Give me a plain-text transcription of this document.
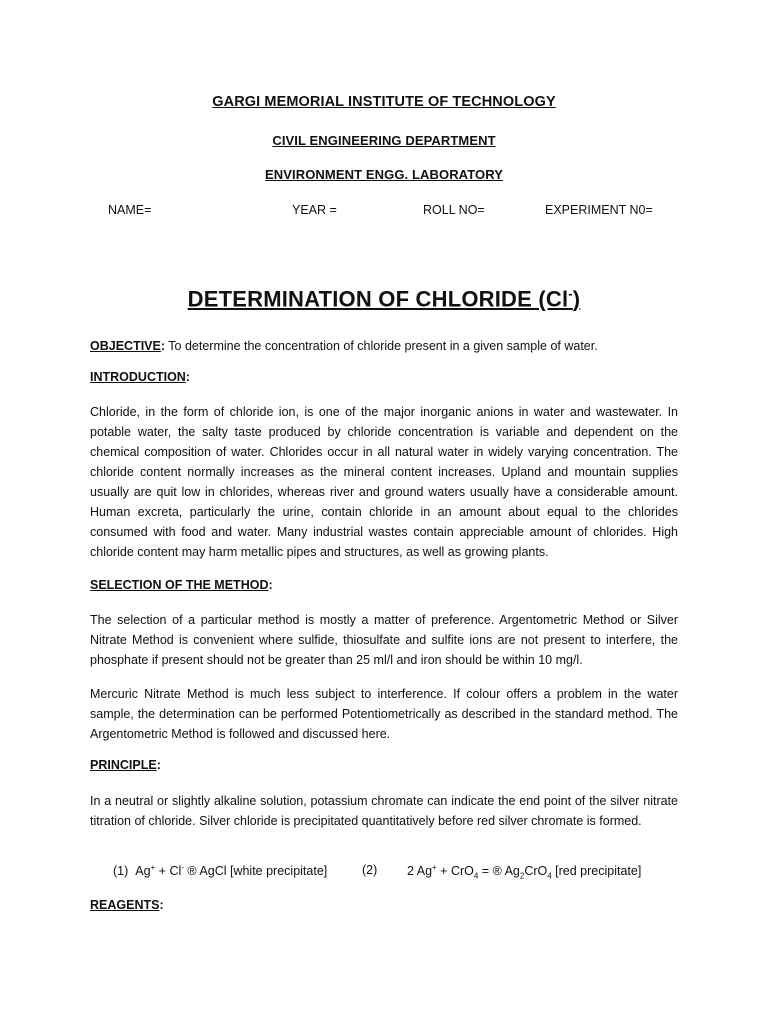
GARGI MEMORIAL INSTITUTE OF TECHNOLOGY
CIVIL ENGINEERING DEPARTMENT
ENVIRONMENT ENGG. LABORATORY
NAME=	YEAR =	ROLL NO=	EXPERIMENT N0=
DETERMINATION OF CHLORIDE (Cl-)
OBJECTIVE: To determine the concentration of chloride present in a given sample of water.
INTRODUCTION:
Chloride, in the form of chloride ion, is one of the major inorganic anions in water and wastewater. In potable water, the salty taste produced by chloride concentration is variable and dependent on the chemical composition of water. Chlorides occur in all natural water in widely varying concentration. The chloride content normally increases as the mineral content increases. Upland and mountain supplies usually are quit low in chlorides, whereas river and ground waters usually have a considerable amount. Human excreta, particularly the urine, contain chloride in an amount about equal to the chlorides consumed with food and water. Many industrial wastes contain appreciable amount of chlorides. High chloride content may harm metallic pipes and structures, as well as growing plants.
SELECTION OF THE METHOD:
The selection of a particular method is mostly a matter of preference. Argentometric Method or Silver Nitrate Method is convenient where sulfide, thiosulfate and sulfite ions are not present to interfere, the phosphate if present should not be greater than 25 ml/l and iron should be within 10 mg/l.
Mercuric Nitrate Method is much less subject to interference. If colour offers a problem in the water sample, the determination can be performed Potentiometrically as described in the standard method. The Argentometric Method is followed and discussed here.
PRINCIPLE:
In a neutral or slightly alkaline solution, potassium chromate can indicate the end point of the silver nitrate titration of chloride. Silver chloride is precipitated quantitatively before red silver chromate is formed.
(1) Ag+ + Cl- ® AgCl [white precipitate]	(2) 2 Ag+ + CrO$_4$ = ® $Ag_2CrO_4$ [red precipitate]
REAGENTS:
